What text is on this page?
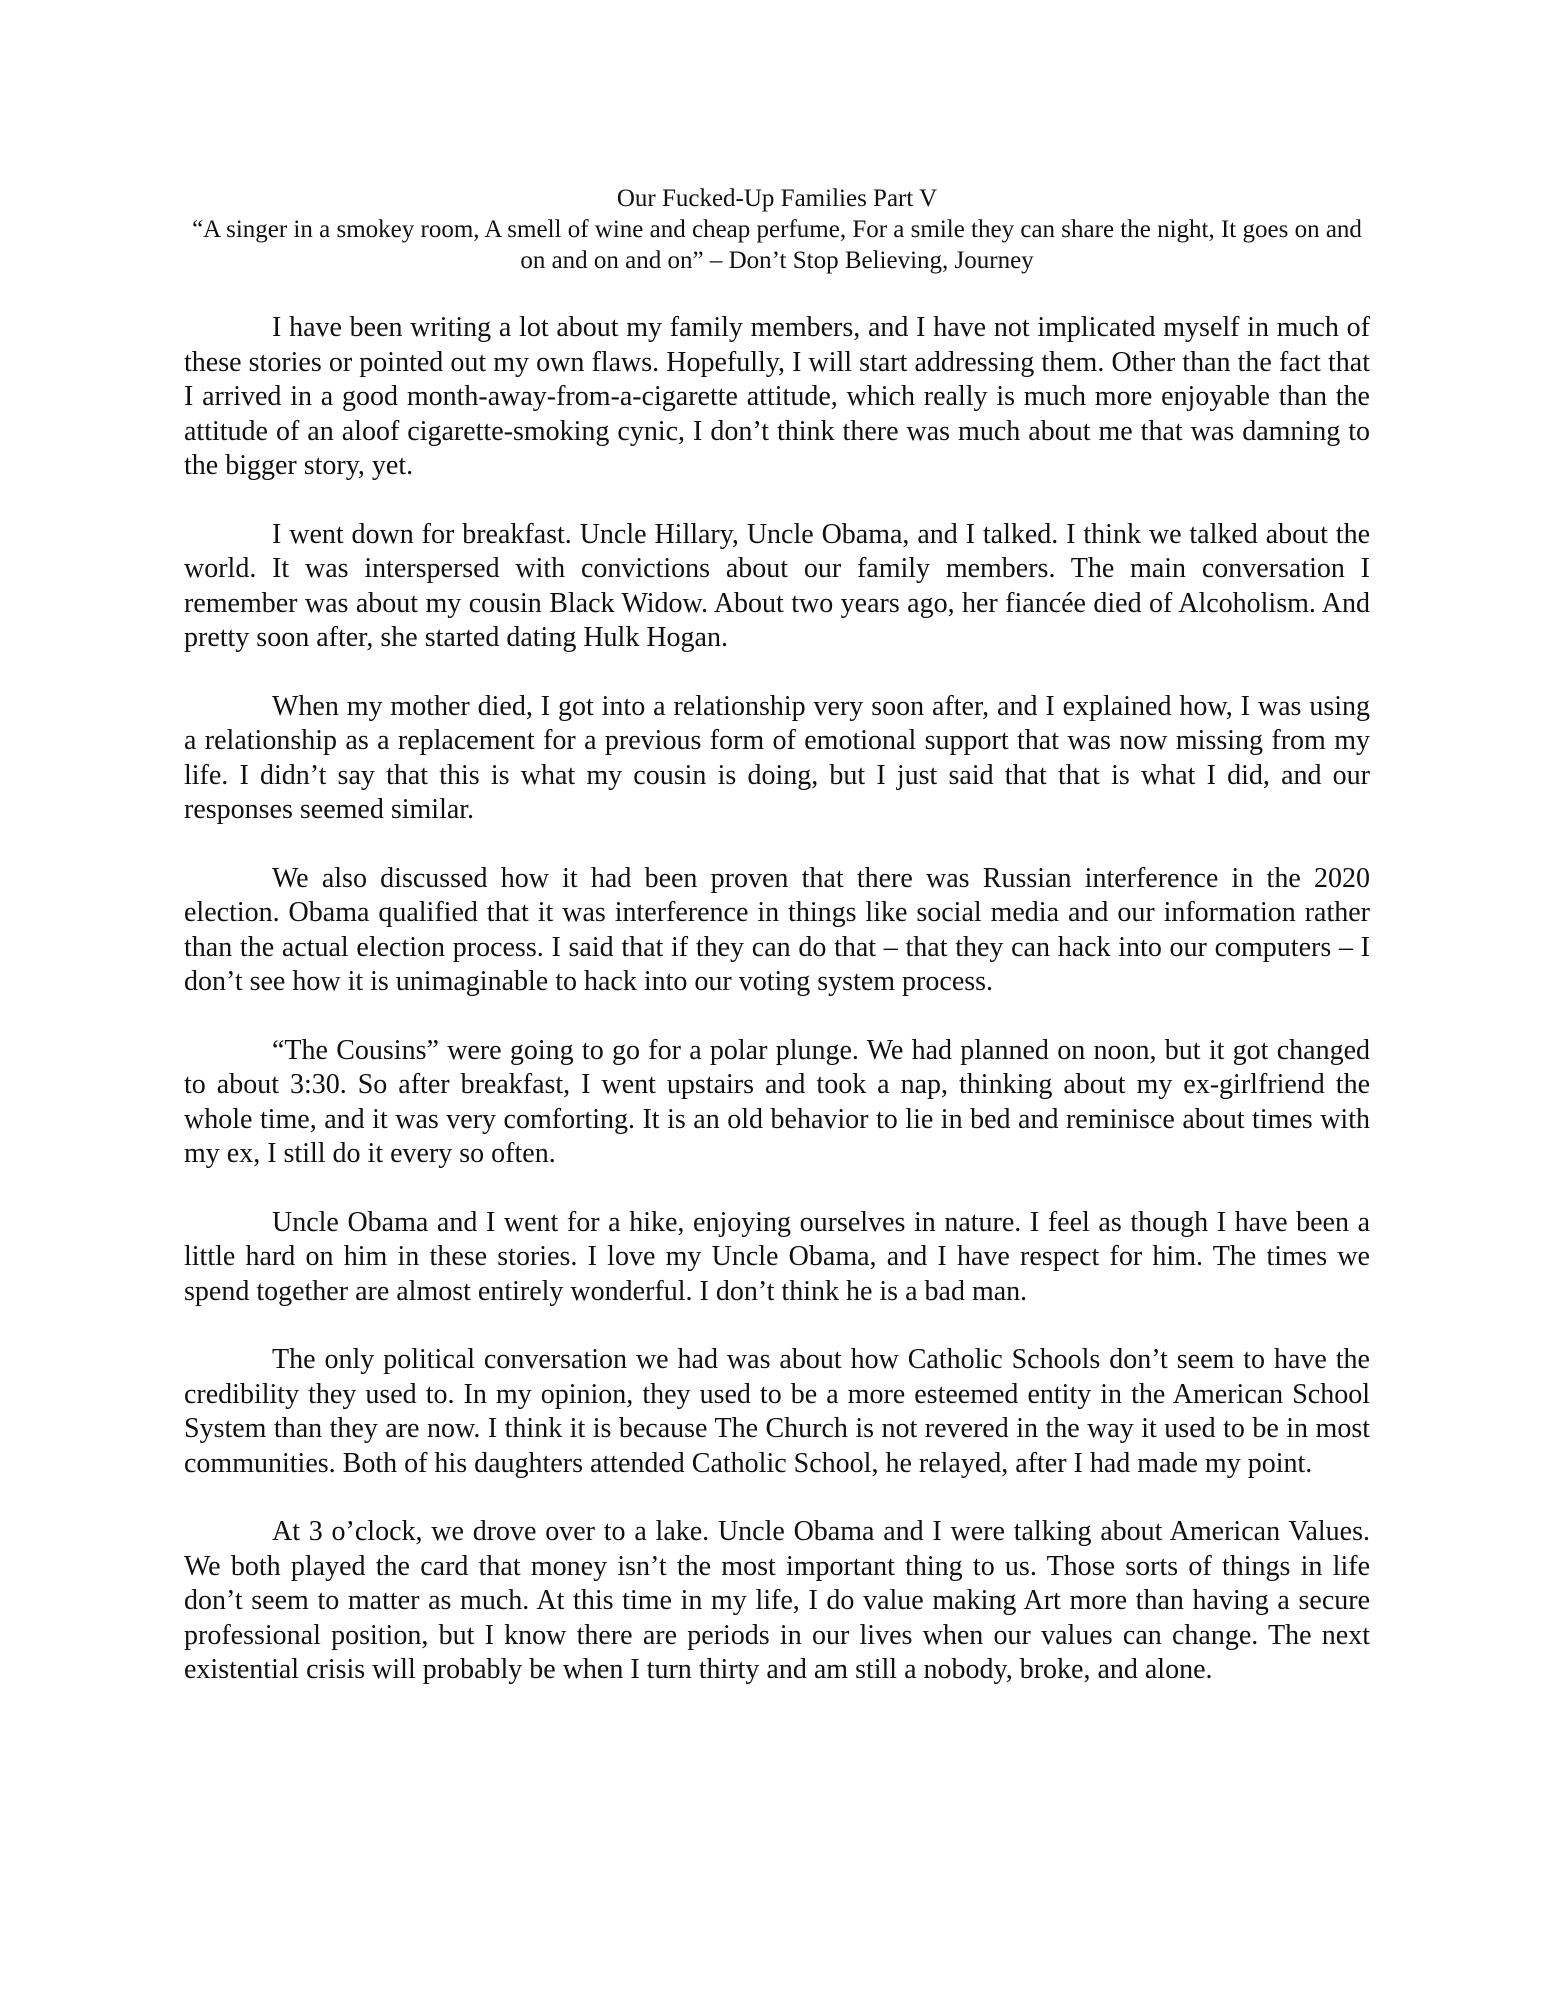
Our Fucked-Up Families Part V

“A singer in a smokey room, A smell of wine and cheap perfume, For a smile they can share the night, It goes on and on and on and on” – Don’t Stop Believing, Journey

I have been writing a lot about my family members, and I have not implicated myself in much of these stories or pointed out my own flaws. Hopefully, I will start addressing them. Other than the fact that I arrived in a good month-away-from-a-cigarette attitude, which really is much more enjoyable than the attitude of an aloof cigarette-smoking cynic, I don’t think there was much about me that was damning to the bigger story, yet.

I went down for breakfast. Uncle Hillary, Uncle Obama, and I talked. I think we talked about the world. It was interspersed with convictions about our family members. The main conversation I remember was about my cousin Black Widow. About two years ago, her fiancée died of Alcoholism. And pretty soon after, she started dating Hulk Hogan.

When my mother died, I got into a relationship very soon after, and I explained how, I was using a relationship as a replacement for a previous form of emotional support that was now missing from my life. I didn’t say that this is what my cousin is doing, but I just said that that is what I did, and our responses seemed similar.

We also discussed how it had been proven that there was Russian interference in the 2020 election. Obama qualified that it was interference in things like social media and our information rather than the actual election process. I said that if they can do that – that they can hack into our computers – I don’t see how it is unimaginable to hack into our voting system process.

“The Cousins” were going to go for a polar plunge. We had planned on noon, but it got changed to about 3:30. So after breakfast, I went upstairs and took a nap, thinking about my ex-girlfriend the whole time, and it was very comforting. It is an old behavior to lie in bed and reminisce about times with my ex, I still do it every so often.

Uncle Obama and I went for a hike, enjoying ourselves in nature. I feel as though I have been a little hard on him in these stories. I love my Uncle Obama, and I have respect for him. The times we spend together are almost entirely wonderful. I don’t think he is a bad man.

The only political conversation we had was about how Catholic Schools don’t seem to have the credibility they used to. In my opinion, they used to be a more esteemed entity in the American School System than they are now. I think it is because The Church is not revered in the way it used to be in most communities. Both of his daughters attended Catholic School, he relayed, after I had made my point.

At 3 o’clock, we drove over to a lake. Uncle Obama and I were talking about American Values. We both played the card that money isn’t the most important thing to us. Those sorts of things in life don’t seem to matter as much. At this time in my life, I do value making Art more than having a secure professional position, but I know there are periods in our lives when our values can change. The next existential crisis will probably be when I turn thirty and am still a nobody, broke, and alone.
